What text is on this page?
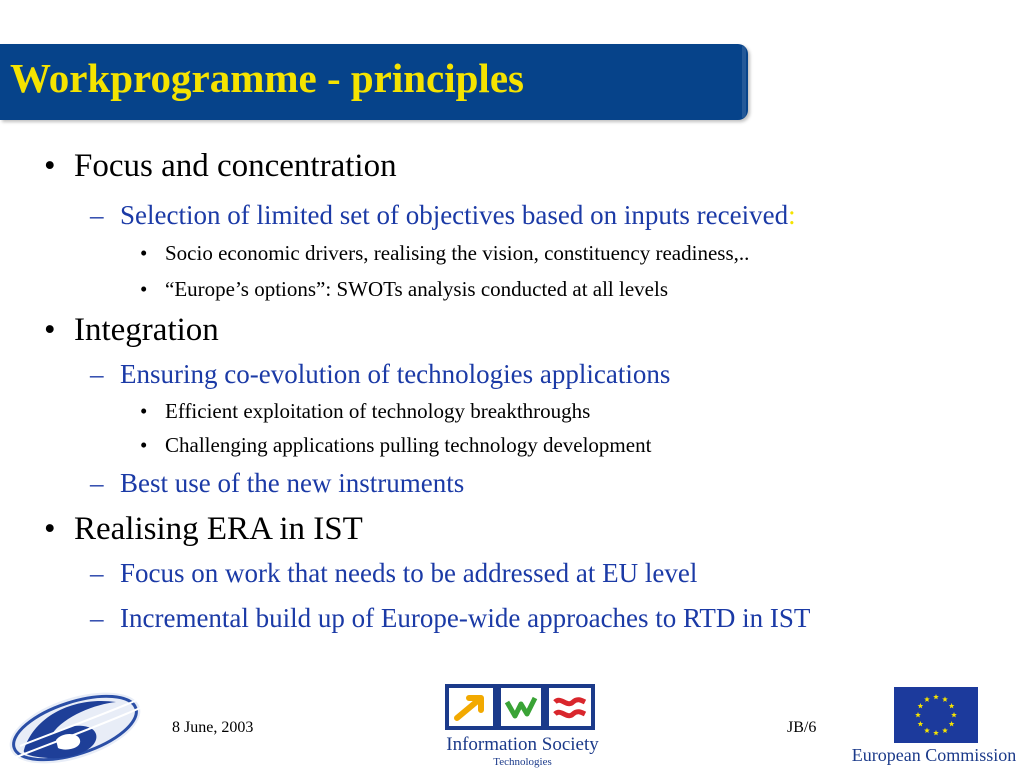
Workprogramme - principles
• Focus and concentration
– Selection of limited set of objectives based on inputs received:
• Socio economic drivers, realising the vision, constituency readiness,..
• “Europe’s options”: SWOTs analysis conducted at all levels
• Integration
– Ensuring co-evolution of technologies applications
• Efficient exploitation of technology breakthroughs
• Challenging applications pulling technology development
– Best use of the new instruments
• Realising ERA in IST
– Focus on work that needs to be addressed at EU level
– Incremental build up of Europe-wide approaches to RTD in IST
8 June, 2003
Information Society
Technologies
JB/6
European Commission
